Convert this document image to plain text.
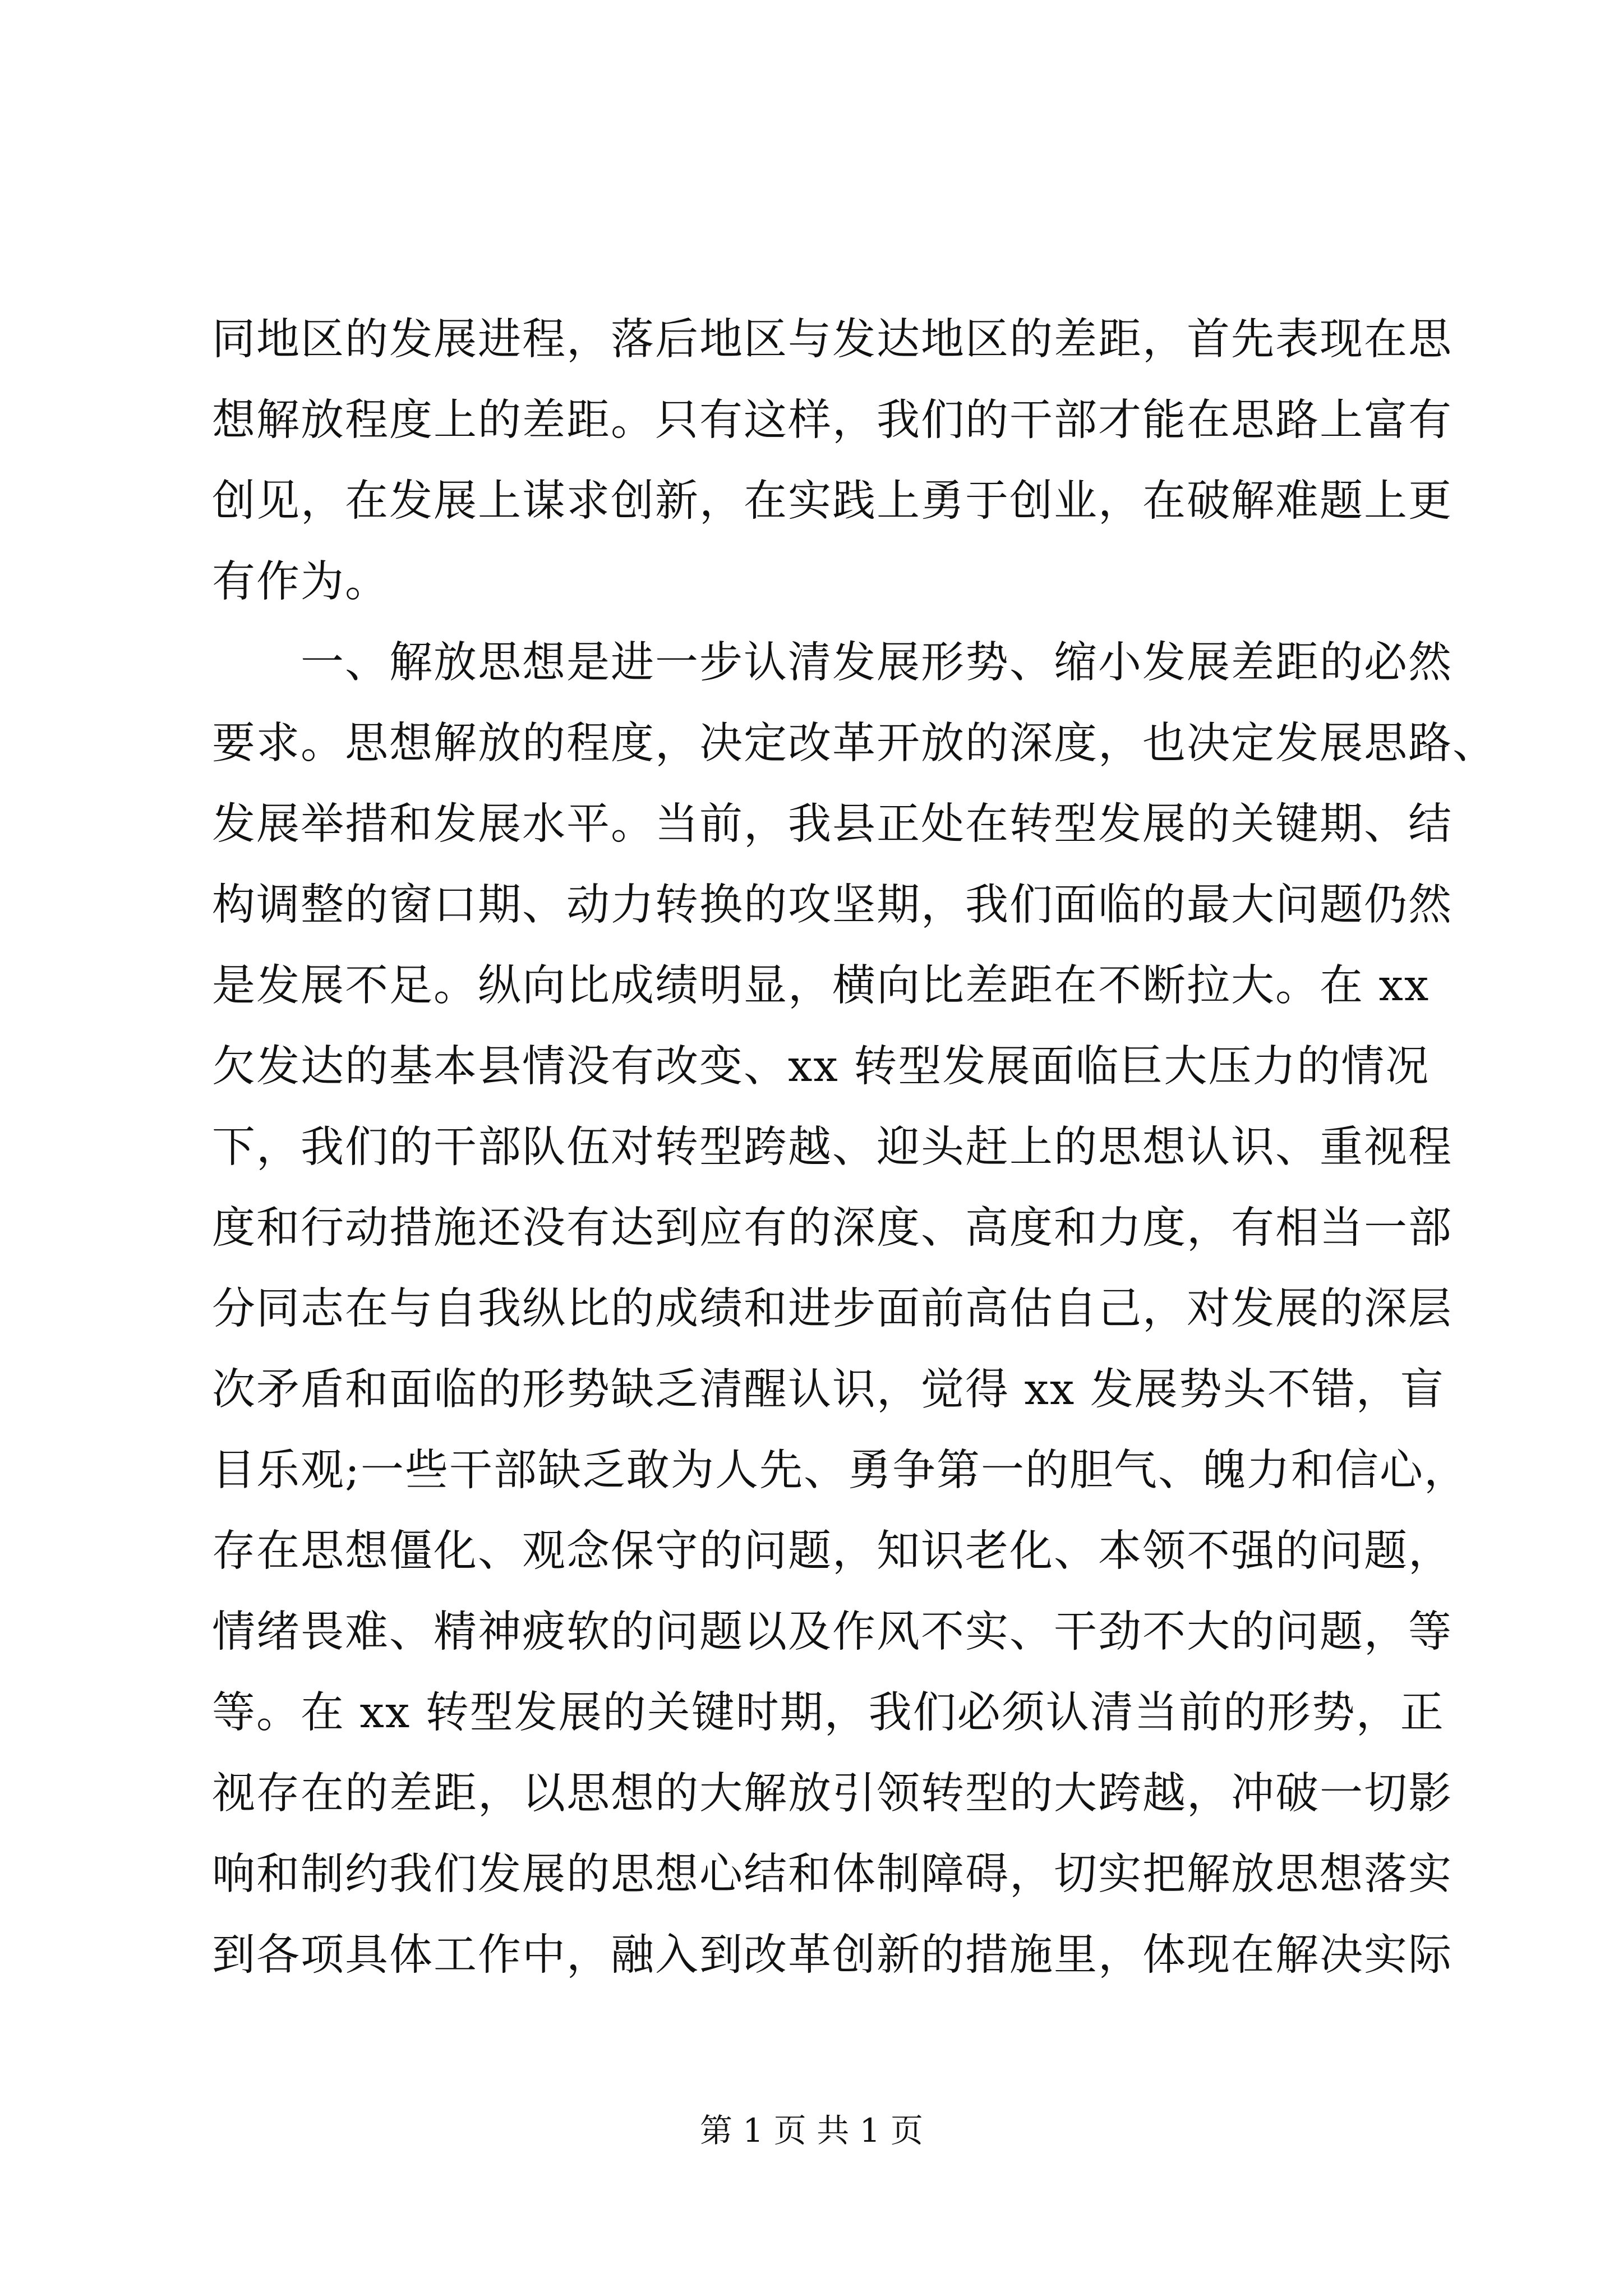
同地区的发展进程，落后地区与发达地区的差距，首先表现在思
想解放程度上的差距。只有这样，我们的干部才能在思路上富有
创见，在发展上谋求创新，在实践上勇于创业，在破解难题上更
有作为。
　　一、解放思想是进一步认清发展形势、缩小发展差距的必然
要求。思想解放的程度，决定改革开放的深度，也决定发展思路、
发展举措和发展水平。当前，我县正处在转型发展的关键期、结
构调整的窗口期、动力转换的攻坚期，我们面临的最大问题仍然
是发展不足。纵向比成绩明显，横向比差距在不断拉大。在 xx
欠发达的基本县情没有改变、xx 转型发展面临巨大压力的情况
下，我们的干部队伍对转型跨越、迎头赶上的思想认识、重视程
度和行动措施还没有达到应有的深度、高度和力度，有相当一部
分同志在与自我纵比的成绩和进步面前高估自己，对发展的深层
次矛盾和面临的形势缺乏清醒认识，觉得 xx 发展势头不错，盲
目乐观;一些干部缺乏敢为人先、勇争第一的胆气、魄力和信心，
存在思想僵化、观念保守的问题，知识老化、本领不强的问题，
情绪畏难、精神疲软的问题以及作风不实、干劲不大的问题，等
等。在 xx 转型发展的关键时期，我们必须认清当前的形势，正
视存在的差距，以思想的大解放引领转型的大跨越，冲破一切影
响和制约我们发展的思想心结和体制障碍，切实把解放思想落实
到各项具体工作中，融入到改革创新的措施里，体现在解决实际
第 1 页 共 1 页
